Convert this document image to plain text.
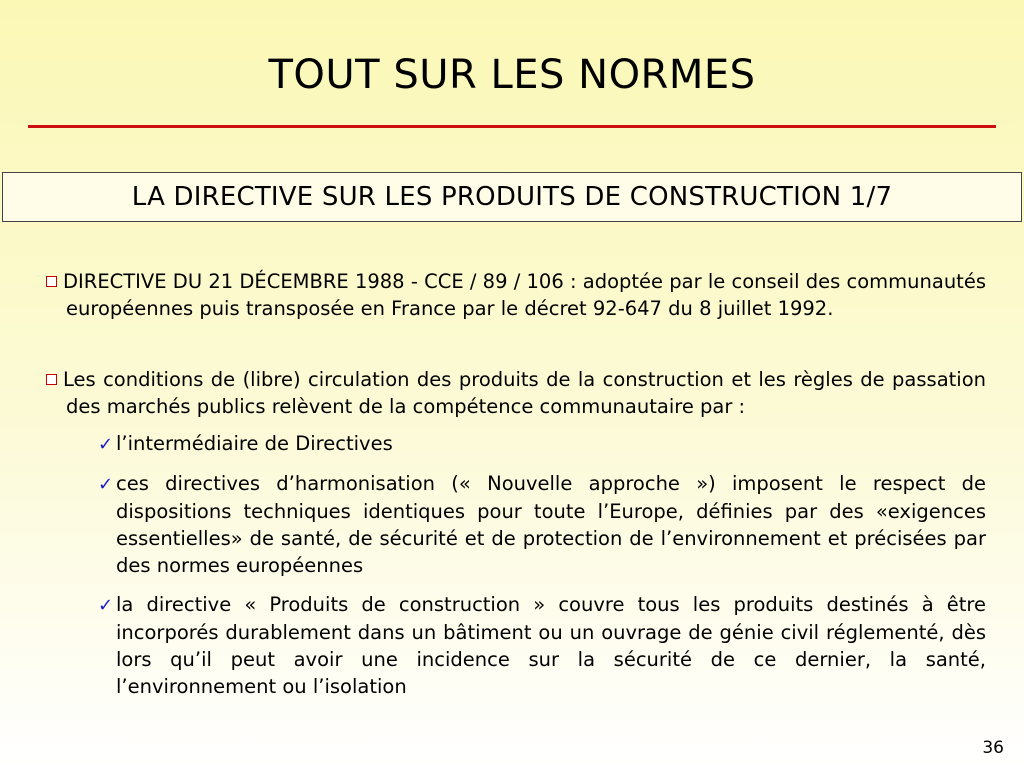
TOUT SUR LES NORMES
LA DIRECTIVE SUR LES PRODUITS DE CONSTRUCTION 1/7
DIRECTIVE DU 21 DÉCEMBRE 1988 - CCE / 89 / 106 : adoptée par le conseil des communautés européennes puis transposée en France par le décret 92-647 du 8 juillet 1992.
Les conditions de (libre) circulation des produits de la construction et les règles de passation des marchés publics relèvent de la compétence communautaire par :
✓ l’intermédiaire de Directives
✓ ces directives d’harmonisation (« Nouvelle approche ») imposent le respect de dispositions techniques identiques pour toute l’Europe, définies par des «exigences essentielles» de santé, de sécurité et de protection de l’environnement et précisées par des normes européennes
✓ la directive « Produits de construction » couvre tous les produits destinés à être incorporés durablement dans un bâtiment ou un ouvrage de génie civil réglementé, dès lors qu’il peut avoir une incidence sur la sécurité de ce dernier, la santé, l’environnement ou l’isolation
36
